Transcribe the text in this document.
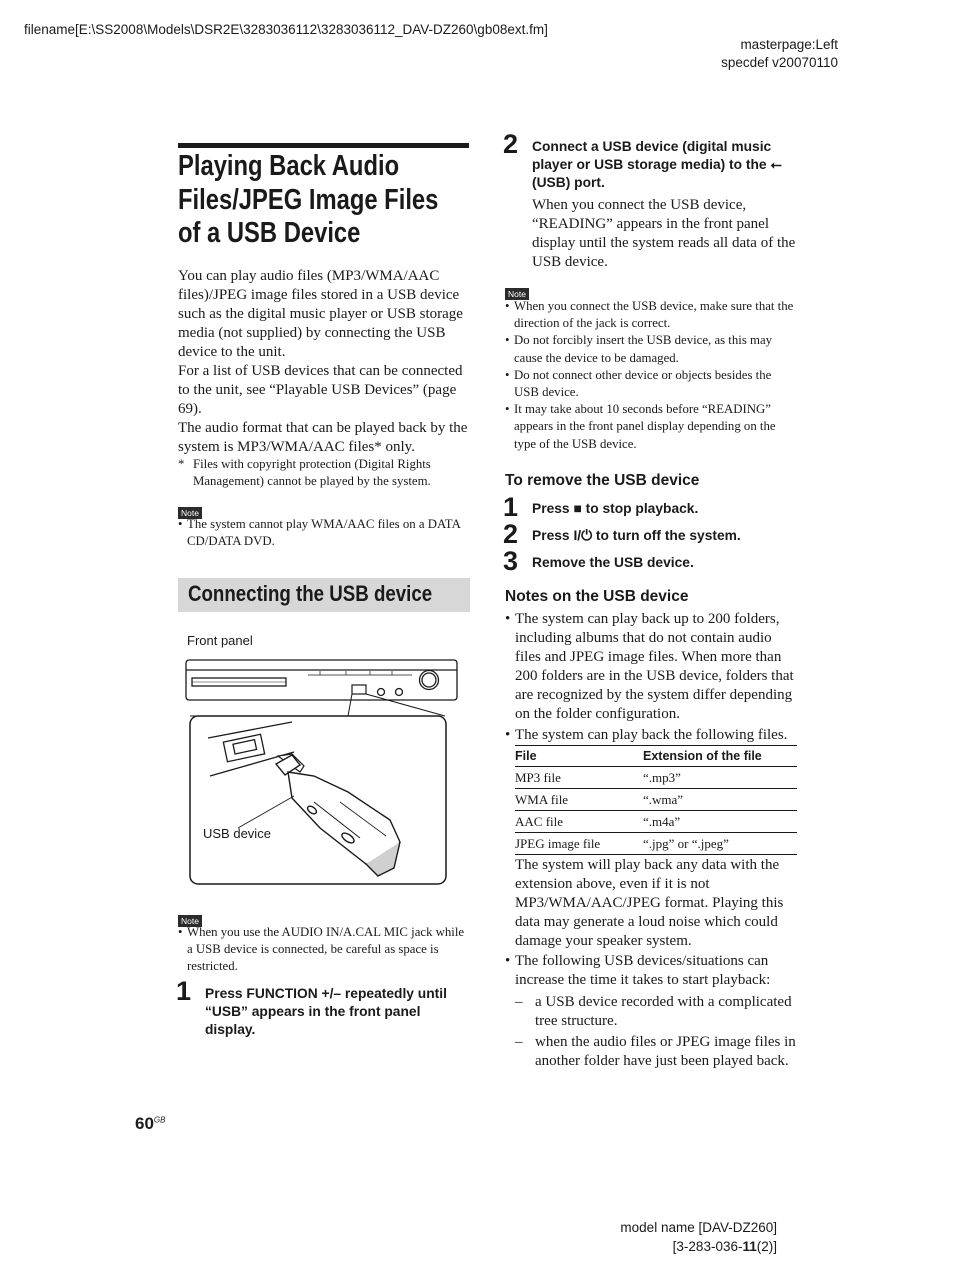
filename[E:\SS2008\Models\DSR2E\3283036112\3283036112_DAV-DZ260\gb08ext.fm]
masterpage:Left
specdef v20070110
Playing Back Audio
Files/JPEG Image Files
of a USB Device
You can play audio files (MP3/WMA/AAC files)/JPEG image files stored in a USB device such as the digital music player or USB storage media (not supplied) by connecting the USB device to the unit.
For a list of USB devices that can be connected to the unit, see “Playable USB Devices” (page 69).
The audio format that can be played back by the system is MP3/WMA/AAC files* only.
* Files with copyright protection (Digital Rights Management) cannot be played by the system.
Note
• The system cannot play WMA/AAC files on a DATA CD/DATA DVD.
Connecting the USB device
Front panel
USB device
Note
• When you use the AUDIO IN/A.CAL MIC jack while a USB device is connected, be careful as space is restricted.
1 Press FUNCTION +/– repeatedly until “USB” appears in the front panel display.
2 Connect a USB device (digital music player or USB storage media) to the ⭠ (USB) port.
When you connect the USB device, “READING” appears in the front panel display until the system reads all data of the USB device.
Note
• When you connect the USB device, make sure that the direction of the jack is correct.
• Do not forcibly insert the USB device, as this may cause the device to be damaged.
• Do not connect other device or objects besides the USB device.
• It may take about 10 seconds before “READING” appears in the front panel display depending on the type of the USB device.
To remove the USB device
1 Press ■ to stop playback.
2 Press I/⏻ to turn off the system.
3 Remove the USB device.
Notes on the USB device
• The system can play back up to 200 folders, including albums that do not contain audio files and JPEG image files. When more than 200 folders are in the USB device, folders that are recognized by the system differ depending on the folder configuration.
• The system can play back the following files.
File	Extension of the file
MP3 file	“.mp3”
WMA file	“.wma”
AAC file	“.m4a”
JPEG image file	“.jpg” or “.jpeg”
The system will play back any data with the extension above, even if it is not MP3/WMA/AAC/JPEG format. Playing this data may generate a loud noise which could damage your speaker system.
• The following USB devices/situations can increase the time it takes to start playback:
– a USB device recorded with a complicated tree structure.
– when the audio files or JPEG image files in another folder have just been played back.
$60^{GB}$
model name [DAV-DZ260]
[3-283-036-11(2)]
